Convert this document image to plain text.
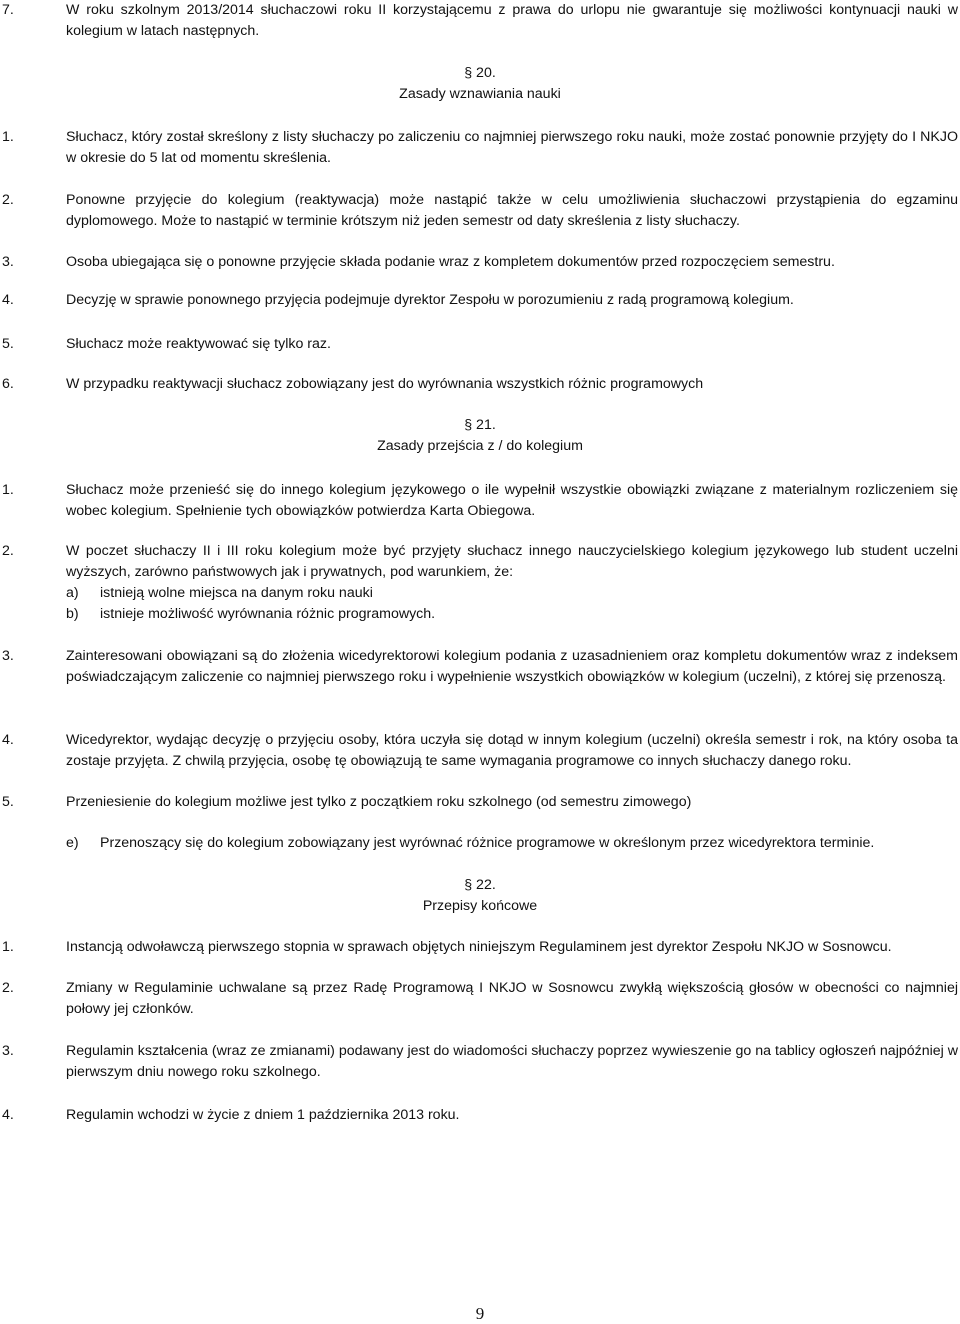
7.	W roku szkolnym 2013/2014 słuchaczowi roku II korzystającemu z prawa do urlopu nie gwarantuje się możliwości kontynuacji nauki w kolegium w latach następnych.
§ 20.
Zasady wznawiania nauki
1.	Słuchacz, który został skreślony z listy słuchaczy po zaliczeniu co najmniej pierwszego roku nauki, może zostać ponownie przyjęty do I NKJO w okresie do 5 lat od momentu skreślenia.
2.	Ponowne przyjęcie do kolegium (reaktywacja) może nastąpić także w celu umożliwienia słuchaczowi przystąpienia do egzaminu dyplomowego. Może to nastąpić w terminie krótszym niż jeden semestr od daty skreślenia z listy słuchaczy.
3.	Osoba ubiegająca się o ponowne przyjęcie składa podanie wraz z kompletem dokumentów przed rozpoczęciem semestru.
4.	Decyzję w sprawie ponownego przyjęcia podejmuje dyrektor Zespołu w porozumieniu z radą programową kolegium.
5.	Słuchacz może reaktywować się tylko raz.
6.	W przypadku reaktywacji słuchacz zobowiązany jest do wyrównania wszystkich różnic programowych
§ 21.
Zasady przejścia z / do kolegium
1.	Słuchacz może przenieść się do innego kolegium językowego o ile wypełnił wszystkie obowiązki związane z materialnym rozliczeniem się wobec kolegium. Spełnienie tych obowiązków potwierdza Karta Obiegowa.
2.	W poczet słuchaczy II i III roku kolegium może być przyjęty słuchacz innego nauczycielskiego kolegium językowego lub student uczelni wyższych, zarówno państwowych jak i prywatnych, pod warunkiem, że:
a)	istnieją wolne miejsca na danym roku nauki
b)	istnieje możliwość wyrównania różnic programowych.
3.	Zainteresowani obowiązani są do złożenia wicedyrektorowi kolegium podania z uzasadnieniem oraz kompletu dokumentów wraz z indeksem poświadczającym zaliczenie co najmniej pierwszego roku i wypełnienie wszystkich obowiązków w kolegium (uczelni), z której się przenoszą.
4.	Wicedyrektor, wydając decyzję o przyjęciu osoby, która uczyła się dotąd w innym kolegium (uczelni) określa semestr i rok, na który osoba ta zostaje przyjęta. Z chwilą przyjęcia, osobę tę obowiązują te same wymagania programowe co innych słuchaczy danego roku.
5.	Przeniesienie do kolegium możliwe jest tylko z początkiem roku szkolnego (od semestru zimowego)
e) Przenoszący się do kolegium zobowiązany jest wyrównać różnice programowe w określonym przez wicedyrektora terminie.
§ 22.
Przepisy końcowe
1.	Instancją odwoławczą pierwszego stopnia w sprawach objętych niniejszym Regulaminem jest dyrektor Zespołu NKJO w Sosnowcu.
2.	Zmiany w Regulaminie uchwalane są przez Radę Programową I NKJO w Sosnowcu zwykłą większością głosów w obecności co najmniej połowy jej członków.
3.	Regulamin kształcenia (wraz ze zmianami) podawany jest do wiadomości słuchaczy poprzez wywieszenie go na tablicy ogłoszeń najpóźniej w pierwszym dniu nowego roku szkolnego.
4.	Regulamin wchodzi w życie z dniem 1 października 2013 roku.
9
